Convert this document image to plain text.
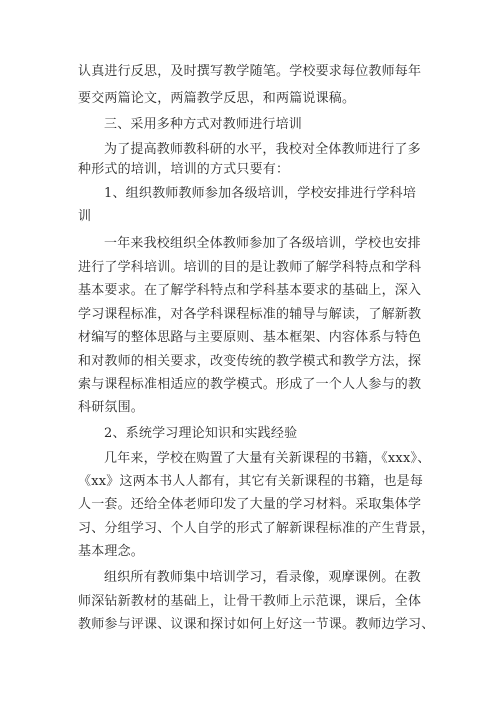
认真进行反思，及时撰写教学随笔。学校要求每位教师每年

要交两篇论文，两篇教学反思，和两篇说课稿。

三、采用多种方式对教师进行培训

为了提高教师教科研的水平，我校对全体教师进行了多

种形式的培训，培训的方式只要有：

1、组织教师教师参加各级培训，学校安排进行学科培

训

一年来我校组织全体教师参加了各级培训，学校也安排

进行了学科培训。培训的目的是让教师了解学科特点和学科

基本要求。在了解学科特点和学科基本要求的基础上，深入

学习课程标准，对各学科课程标准的辅导与解读，了解新教

材编写的整体思路与主要原则、基本框架、内容体系与特色

和对教师的相关要求，改变传统的教学模式和教学方法，探

索与课程标准相适应的教学模式。形成了一个人人参与的教

科研氛围。

2、系统学习理论知识和实践经验

几年来，学校在购置了大量有关新课程的书籍，《xxx》、

《xx》这两本书人人都有，其它有关新课程的书籍，也是每

人一套。还给全体老师印发了大量的学习材料。采取集体学

习、分组学习、个人自学的形式了解新课程标准的产生背景，

基本理念。

组织所有教师集中培训学习，看录像，观摩课例。在教

师深钻新教材的基础上，让骨干教师上示范课，课后，全体

教师参与评课、议课和探讨如何上好这一节课。教师边学习、
